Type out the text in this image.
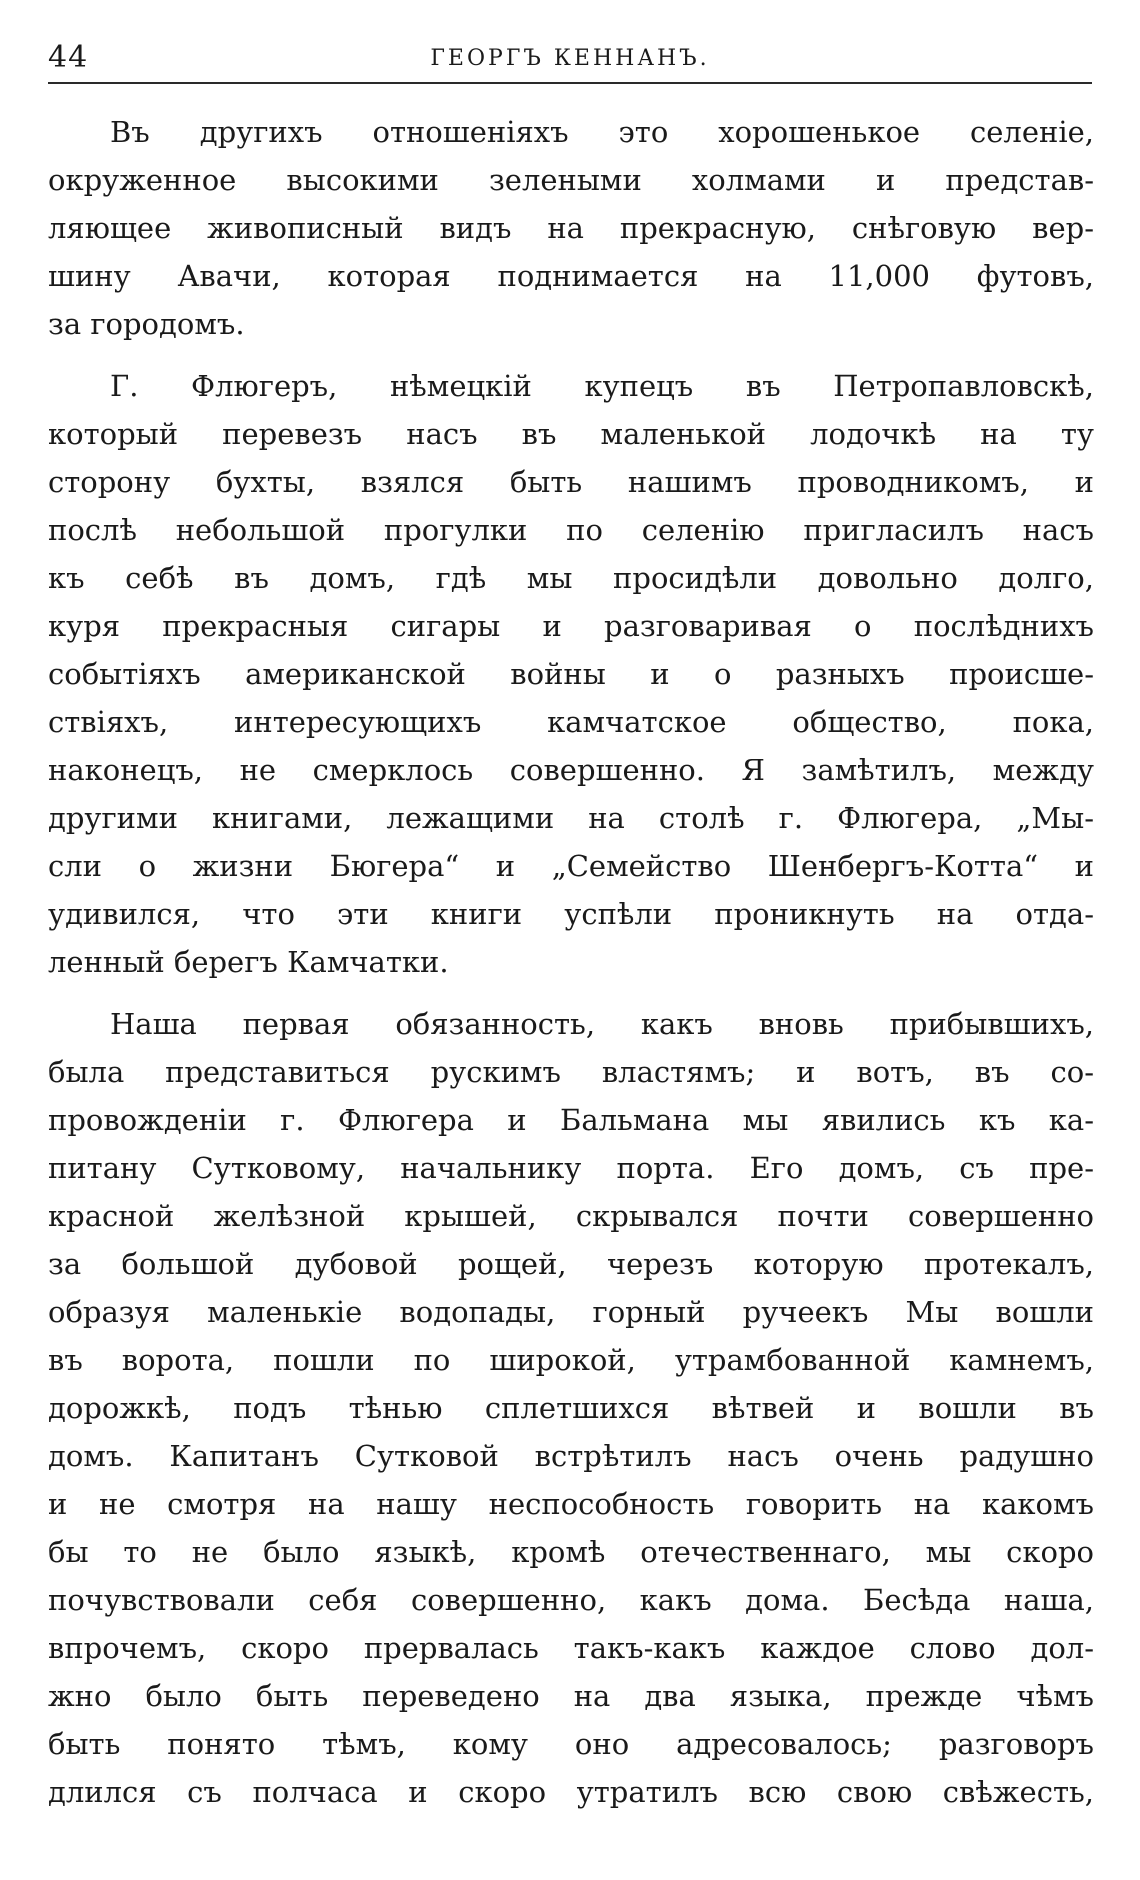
44	ГЕОРГЪ КЕННАНЪ.
Въ другихъ отношеніяхъ это хорошенькое селеніе,
окруженное высокими зелеными холмами и представ-
ляющее живописный видъ на прекрасную, снѣговую вер-
шину Авачи, которая поднимается на 11,000 футовъ,
за городомъ.
Г. Флюгеръ, нѣмецкій купецъ въ Петропавловскѣ,
который перевезъ насъ въ маленькой лодочкѣ на ту
сторону бухты, взялся быть нашимъ проводникомъ, и
послѣ небольшой прогулки по селенію пригласилъ насъ
къ себѣ въ домъ, гдѣ мы просидѣли довольно долго,
куря прекрасныя сигары и разговаривая о послѣднихъ
событіяхъ американской войны и о разныхъ происше-
ствіяхъ, интересующихъ камчатское общество, пока,
наконецъ, не смерклось совершенно. Я замѣтилъ, между
другими книгами, лежащими на столѣ г. Флюгера, „Мы-
сли о жизни Бюгера“ и „Семейство Шенбергъ-Котта“ и
удивился, что эти книги успѣли проникнуть на отда-
ленный берегъ Камчатки.
Наша первая обязанность, какъ вновь прибывшихъ,
была представиться рускимъ властямъ; и вотъ, въ со-
провожденіи г. Флюгера и Бальмана мы явились къ ка-
питану Сутковому, начальнику порта. Его домъ, съ пре-
красной желѣзной крышей, скрывался почти совершенно
за большой дубовой рощей, черезъ которую протекалъ,
образуя маленькіе водопады, горный ручеекъ Мы вошли
въ ворота, пошли по широкой, утрамбованной камнемъ,
дорожкѣ, подъ тѣнью сплетшихся вѣтвей и вошли въ
домъ. Капитанъ Сутковой встрѣтилъ насъ очень радушно
и не смотря на нашу неспособность говорить на какомъ
бы то не было языкѣ, кромѣ отечественнаго, мы скоро
почувствовали себя совершенно, какъ дома. Бесѣда наша,
впрочемъ, скоро прервалась такъ-какъ каждое слово дол-
жно было быть переведено на два языка, прежде чѣмъ
быть понято тѣмъ, кому оно адресовалось; разговоръ
длился съ полчаса и скоро утратилъ всю свою свѣжесть,
